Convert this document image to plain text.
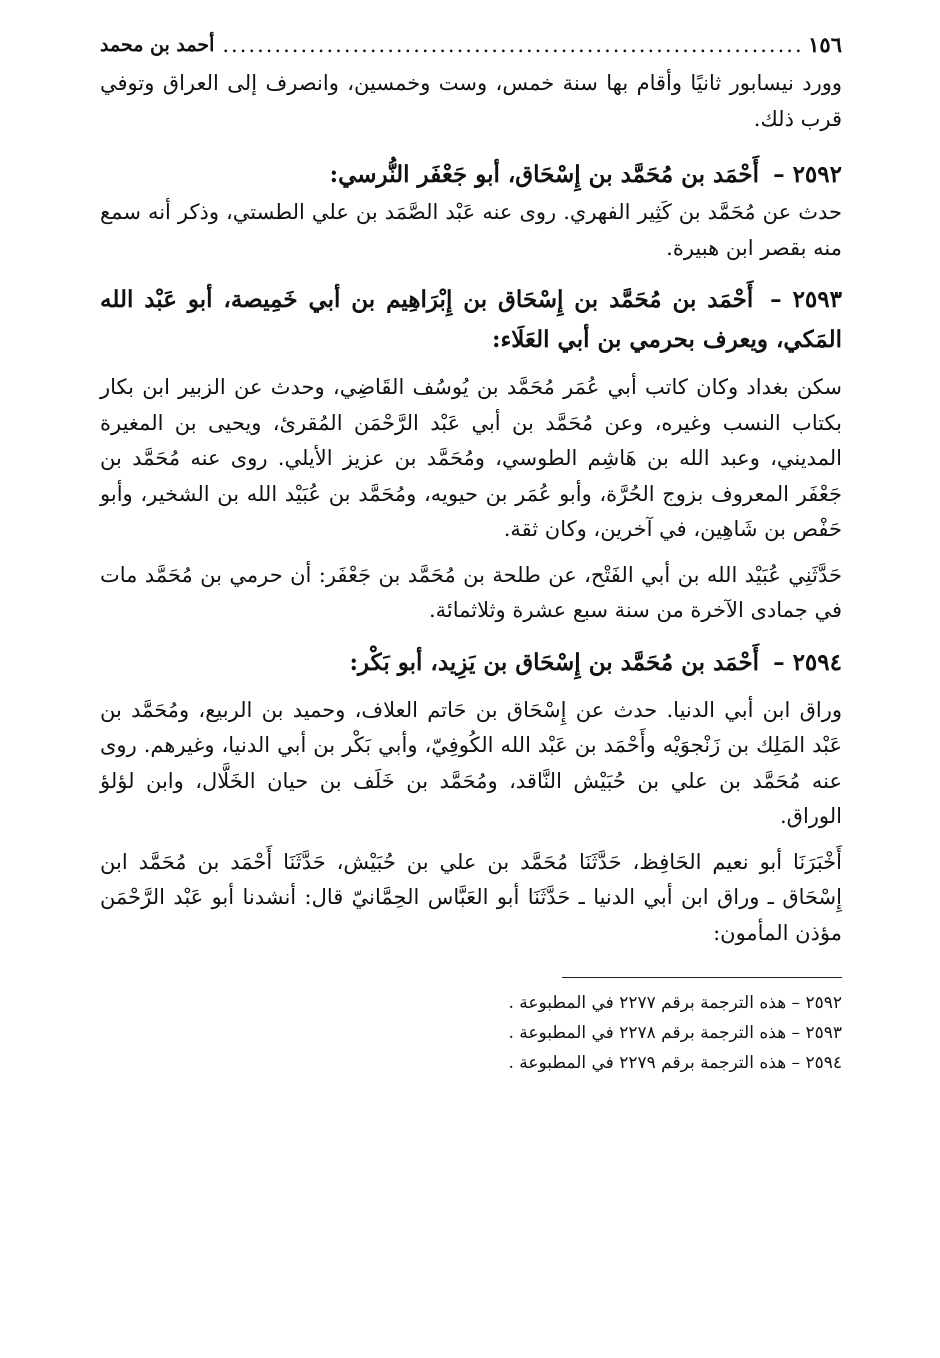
١٥٦
.....
أحمد بن محمد

وورد نيسابور ثانيًا وأقام بها سنة خمس، وست وخمسين، وانصرف إلى العراق وتوفي قرب ذلك.

٢٥٩٢ – أَحْمَد بن مُحَمَّد بن إِسْحَاق، أبو جَعْفَر النُّرسي:

حدث عن مُحَمَّد بن كَثِير الفهري. روى عنه عَبْد الصَّمَد بن علي الطستي، وذكر أنه سمع منه بقصر ابن هبيرة.

٢٥٩٣ – أَحْمَد بن مُحَمَّد بن إِسْحَاق بن إِبْرَاهِيم بن أبي خَمِيصة، أبو عَبْد الله المَكي، ويعرف بحرمي بن أبي العَلَاء:

سكن بغداد وكان كاتب أبي عُمَر مُحَمَّد بن يُوسُف القَاضِي، وحدث عن الزبير ابن بكار بكتاب النسب وغيره، وعن مُحَمَّد بن أبي عَبْد الرَّحْمَن المُقرئ، ويحيى بن المغيرة المديني، وعبد الله بن هَاشِم الطوسي، ومُحَمَّد بن عزيز الأيلي. روى عنه مُحَمَّد بن جَعْفَر المعروف بزوج الحُرَّة، وأبو عُمَر بن حيويه، ومُحَمَّد بن عُبَيْد الله بن الشخير، وأبو حَفْص بن شَاهِين، في آخرين، وكان ثقة.

حَدَّثَنِي عُبَيْد الله بن أبي الفَتْح، عن طلحة بن مُحَمَّد بن جَعْفَر: أن حرمي بن مُحَمَّد مات في جمادى الآخرة من سنة سبع عشرة وثلاثمائة.

٢٥٩٤ – أَحْمَد بن مُحَمَّد بن إِسْحَاق بن يَزِيد، أبو بَكْر:

وراق ابن أبي الدنيا. حدث عن إِسْحَاق بن حَاتم العلاف، وحميد بن الربيع، ومُحَمَّد بن عَبْد المَلِك بن زَنْجوَيْه وأَحْمَد بن عَبْد الله الكُوفِيّ، وأبي بَكْر بن أبي الدنيا، وغيرهم. روى عنه مُحَمَّد بن علي بن حُبَيْش النَّاقد، ومُحَمَّد بن خَلَف بن حيان الخَلَّال، وابن لؤلؤ الوراق.

أَخْبَرَنَا أبو نعيم الحَافِظ، حَدَّثَنَا مُحَمَّد بن علي بن حُبَيْش، حَدَّثَنَا أَحْمَد بن مُحَمَّد ابن إِسْحَاق ـ وراق ابن أبي الدنيا ـ حَدَّثَنَا أبو العَبَّاس الحِمَّانيّ قال: أنشدنا أبو عَبْد الرَّحْمَن مؤذن المأمون:

٢٥٩٢ – هذه الترجمة برقم ٢٢٧٧ في المطبوعة .

٢٥٩٣ – هذه الترجمة برقم ٢٢٧٨ في المطبوعة .

٢٥٩٤ – هذه الترجمة برقم ٢٢٧٩ في المطبوعة .
